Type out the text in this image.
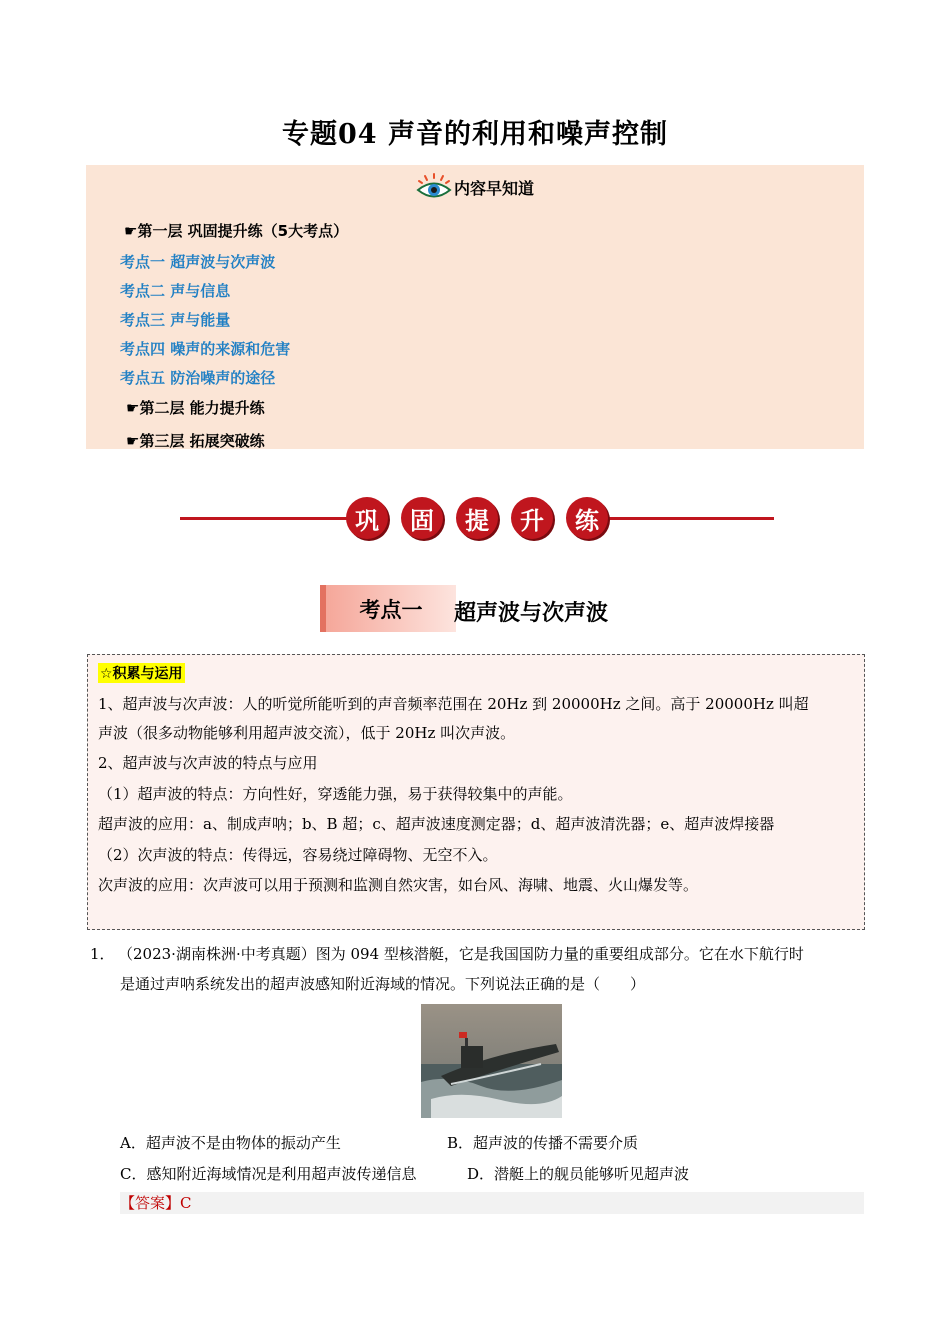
专题04 声音的利用和噪声控制
内容早知道
☛第一层 巩固提升练（5大考点）
考点一 超声波与次声波
考点二 声与信息
考点三 声与能量
考点四 噪声的来源和危害
考点五 防治噪声的途径
☛第二层 能力提升练
☛第三层 拓展突破练
巩	固	提	升	练
考点一	超声波与次声波
☆积累与运用
1、超声波与次声波：人的听觉所能听到的声音频率范围在 20Hz 到 20000Hz 之间。高于 20000Hz 叫超
声波（很多动物能够利用超声波交流），低于 20Hz 叫次声波。
2、超声波与次声波的特点与应用
（1）超声波的特点：方向性好，穿透能力强，易于获得较集中的声能。
超声波的应用：a、制成声呐；b、B 超；c、超声波速度测定器；d、超声波清洗器；e、超声波焊接器
（2）次声波的特点：传得远，容易绕过障碍物、无空不入。
次声波的应用：次声波可以用于预测和监测自然灾害，如台风、海啸、地震、火山爆发等。
1． （2023·湖南株洲·中考真题）图为 094 型核潜艇，它是我国国防力量的重要组成部分。它在水下航行时
是通过声呐系统发出的超声波感知附近海域的情况。下列说法正确的是（　　）
A．超声波不是由物体的振动产生	B．超声波的传播不需要介质
C．感知附近海域情况是利用超声波传递信息	D．潜艇上的舰员能够听见超声波
【答案】C
